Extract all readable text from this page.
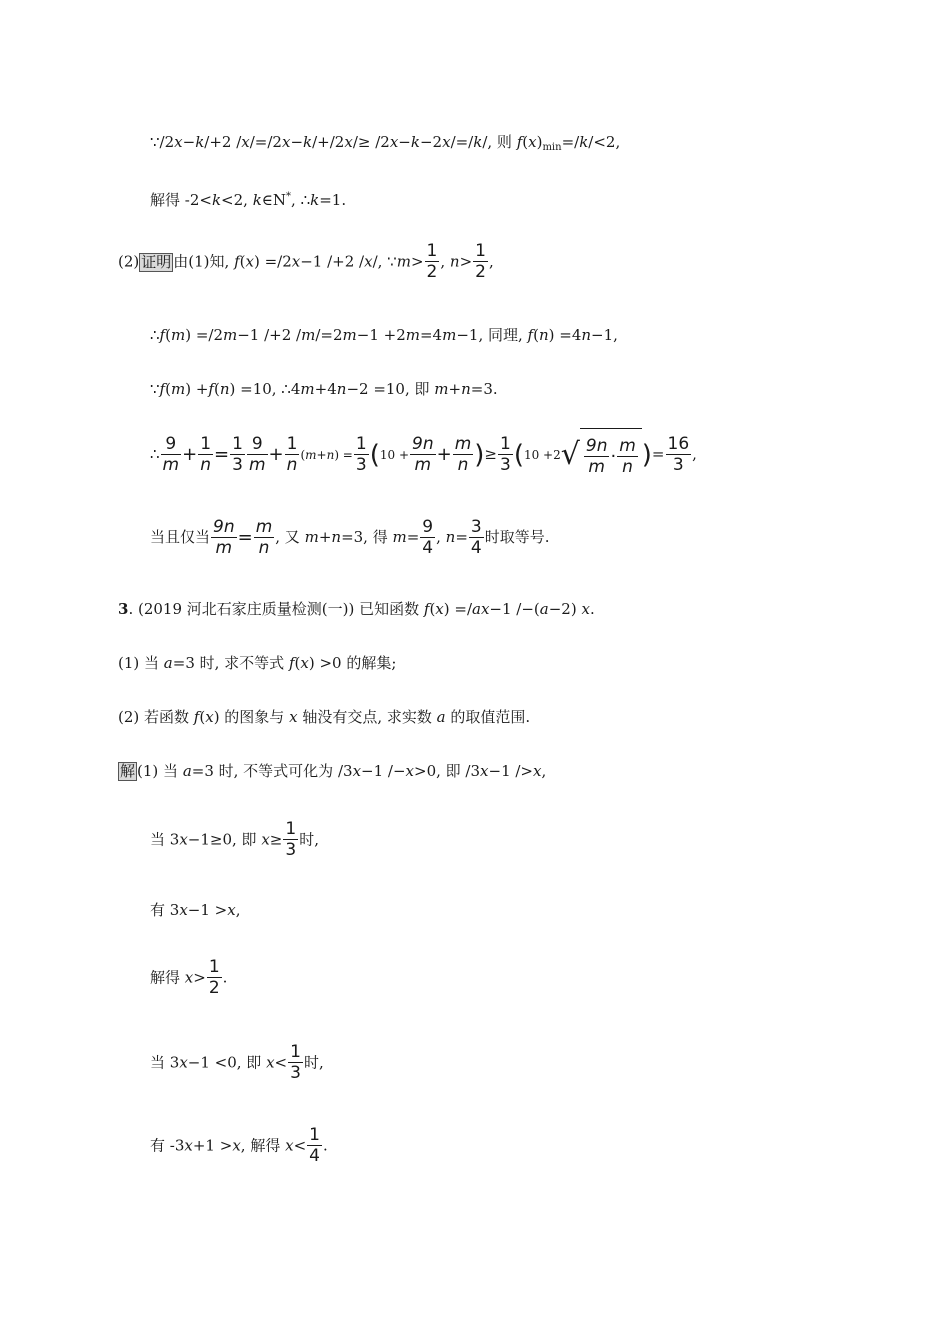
∵/2x−k/+2 /x/=/2x−k/+/2x/≥ /2x−k−2x/=/k/, 则 $f(x)_{min}=/k/<2$,
解得 -2<k<2, k∈N*, ∴k=1.
(2) 证明 由(1)知, f(x) =/2x−1 /+2 /x/, ∵m> $\frac{1}{2}$ , $n> \frac{1}{2}$ ,
∴f(m) =/2m−1 /+2 /m/=2m−1 +2m=4m−1, 同理, f(n) =4n−1,
∵f(m) +f(n) =10, ∴4m+4n−2 =10, 即 m+n=3.
∴ $\frac{9}{m} + \frac{1}{n} = \frac{1}{3} \frac{9}{m} + \frac{1}{n} (m+n) = \frac{1}{3} (10 + \frac{9n}{m} + \frac{m}{n}$ )≥ $\frac{1}{3} (10 +2√ \frac{9n}{m} \cdot \frac{m}{n}$ )= $\frac{16}{3}$ ,
当且仅当 $\frac{9n}{m} = \frac{m}{n}$ , 又 m+n=3, 得 $m= \frac{9}{4}$ , $n= \frac{3}{4}$ 时取等号.
3. (2019 河北石家庄质量检测(一)) 已知函数 f(x) =/ax−1 /−(a−2) x.
(1) 当 a=3 时, 求不等式 f(x) >0 的解集;
(2) 若函数 f(x) 的图象与 x 轴没有交点, 求实数 a 的取值范围.
解 (1) 当 a=3 时, 不等式可化为 /3x−1 /−x>0, 即 /3x−1 />x,
当 3x−1≥0, 即 $x\ge \frac{1}{3}$ 时,
有 3x−1 >x,
解得 $x> \frac{1}{2}$ .
当 3x−1 <0, 即 $x< \frac{1}{3}$ 时,
有 -3x+1 >x, 解得 $x< \frac{1}{4}$ .
